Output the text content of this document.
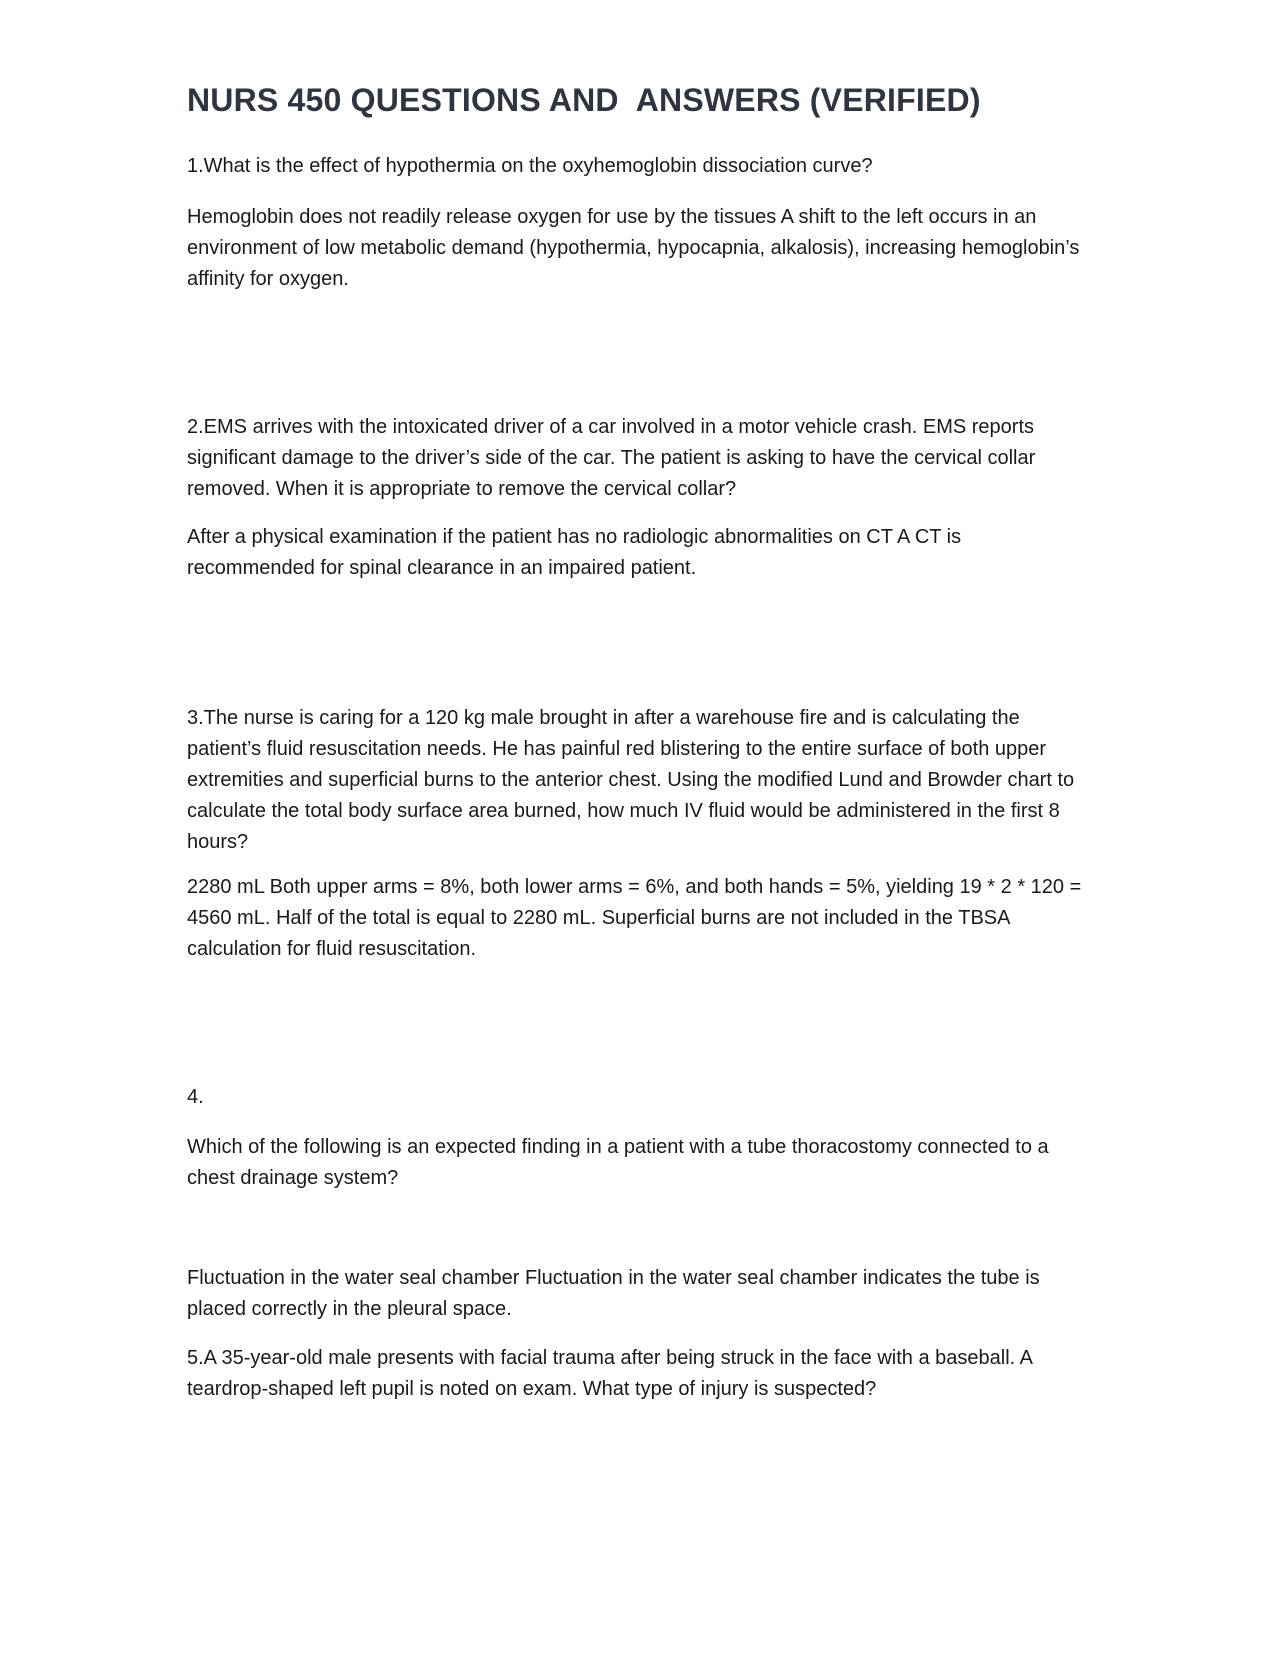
NURS 450 QUESTIONS AND  ANSWERS (VERIFIED)
1.What is the effect of hypothermia on the oxyhemoglobin dissociation curve?
Hemoglobin does not readily release oxygen for use by the tissues A shift to the left occurs in an environment of low metabolic demand (hypothermia, hypocapnia, alkalosis), increasing hemoglobin’s affinity for oxygen.
2.EMS arrives with the intoxicated driver of a car involved in a motor vehicle crash. EMS reports significant damage to the driver’s side of the car. The patient is asking to have the cervical collar removed. When it is appropriate to remove the cervical collar?
After a physical examination if the patient has no radiologic abnormalities on CT A CT is recommended for spinal clearance in an impaired patient.
3.The nurse is caring for a 120 kg male brought in after a warehouse fire and is calculating the patient’s fluid resuscitation needs. He has painful red blistering to the entire surface of both upper extremities and superficial burns to the anterior chest. Using the modified Lund and Browder chart to calculate the total body surface area burned, how much IV fluid would be administered in the first 8 hours?
2280 mL Both upper arms = 8%, both lower arms = 6%, and both hands = 5%, yielding 19 * 2 * 120 = 4560 mL. Half of the total is equal to 2280 mL. Superficial burns are not included in the TBSA calculation for fluid resuscitation.
4.
Which of the following is an expected finding in a patient with a tube thoracostomy connected to a chest drainage system?
Fluctuation in the water seal chamber Fluctuation in the water seal chamber indicates the tube is placed correctly in the pleural space.
5.A 35-year-old male presents with facial trauma after being struck in the face with a baseball. A teardrop-shaped left pupil is noted on exam. What type of injury is suspected?
